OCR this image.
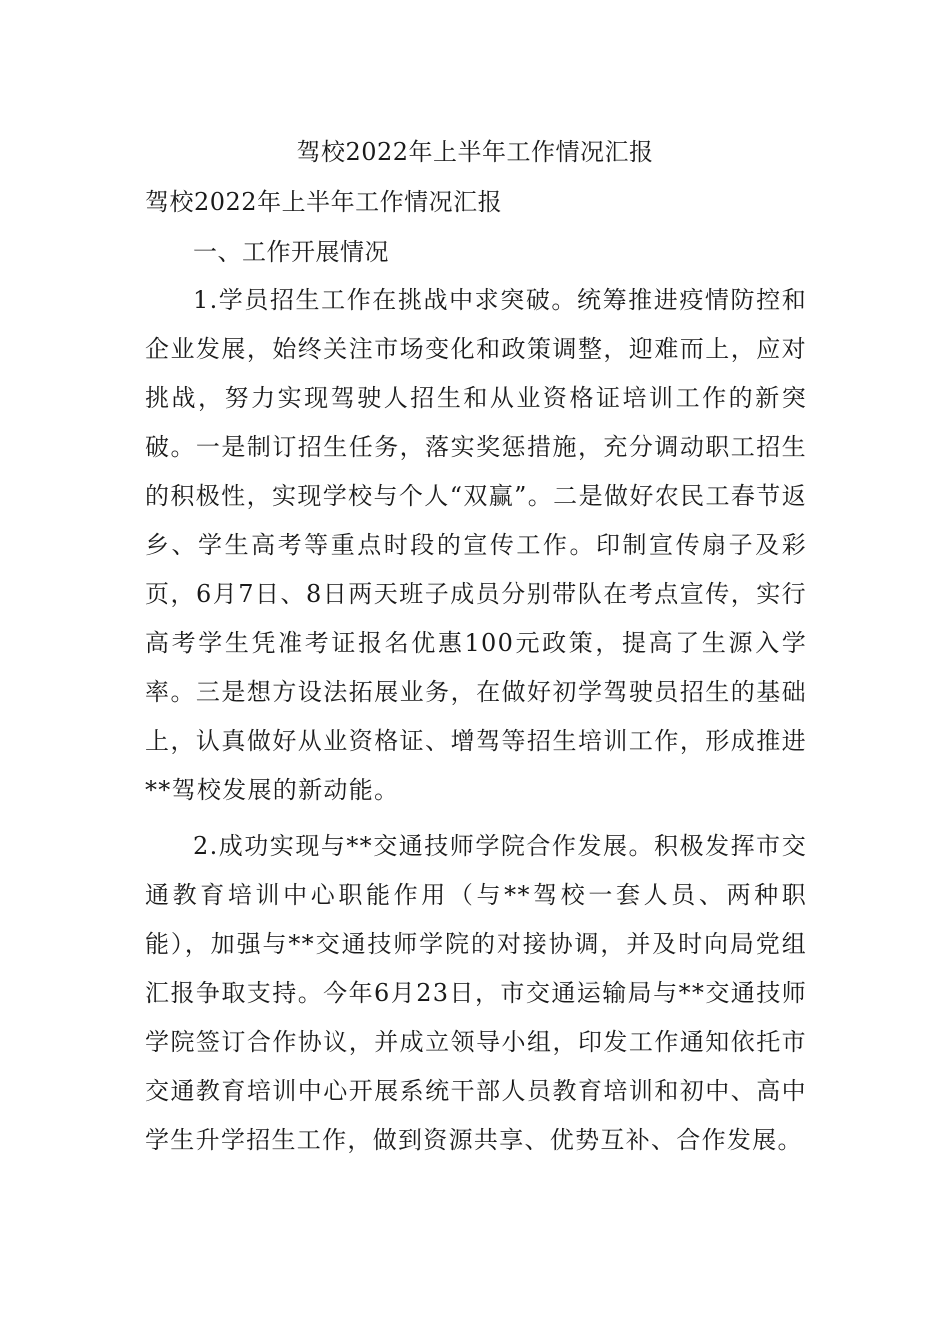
驾校2022年上半年工作情况汇报

驾校2022年上半年工作情况汇报

一、工作开展情况

1.学员招生工作在挑战中求突破。统筹推进疫情防控和企业发展，始终关注市场变化和政策调整，迎难而上，应对挑战，努力实现驾驶人招生和从业资格证培训工作的新突破。一是制订招生任务，落实奖惩措施，充分调动职工招生的积极性，实现学校与个人“双赢”。二是做好农民工春节返乡、学生高考等重点时段的宣传工作。印制宣传扇子及彩页，6月7日、8日两天班子成员分别带队在考点宣传，实行高考学生凭准考证报名优惠100元政策，提高了生源入学率。三是想方设法拓展业务，在做好初学驾驶员招生的基础上，认真做好从业资格证、增驾等招生培训工作，形成推进**驾校发展的新动能。

2.成功实现与**交通技师学院合作发展。积极发挥市交通教育培训中心职能作用（与**驾校一套人员、两种职能），加强与**交通技师学院的对接协调，并及时向局党组汇报争取支持。今年6月23日，市交通运输局与**交通技师学院签订合作协议，并成立领导小组，印发工作通知依托市交通教育培训中心开展系统干部人员教育培训和初中、高中学生升学招生工作，做到资源共享、优势互补、合作发展。
